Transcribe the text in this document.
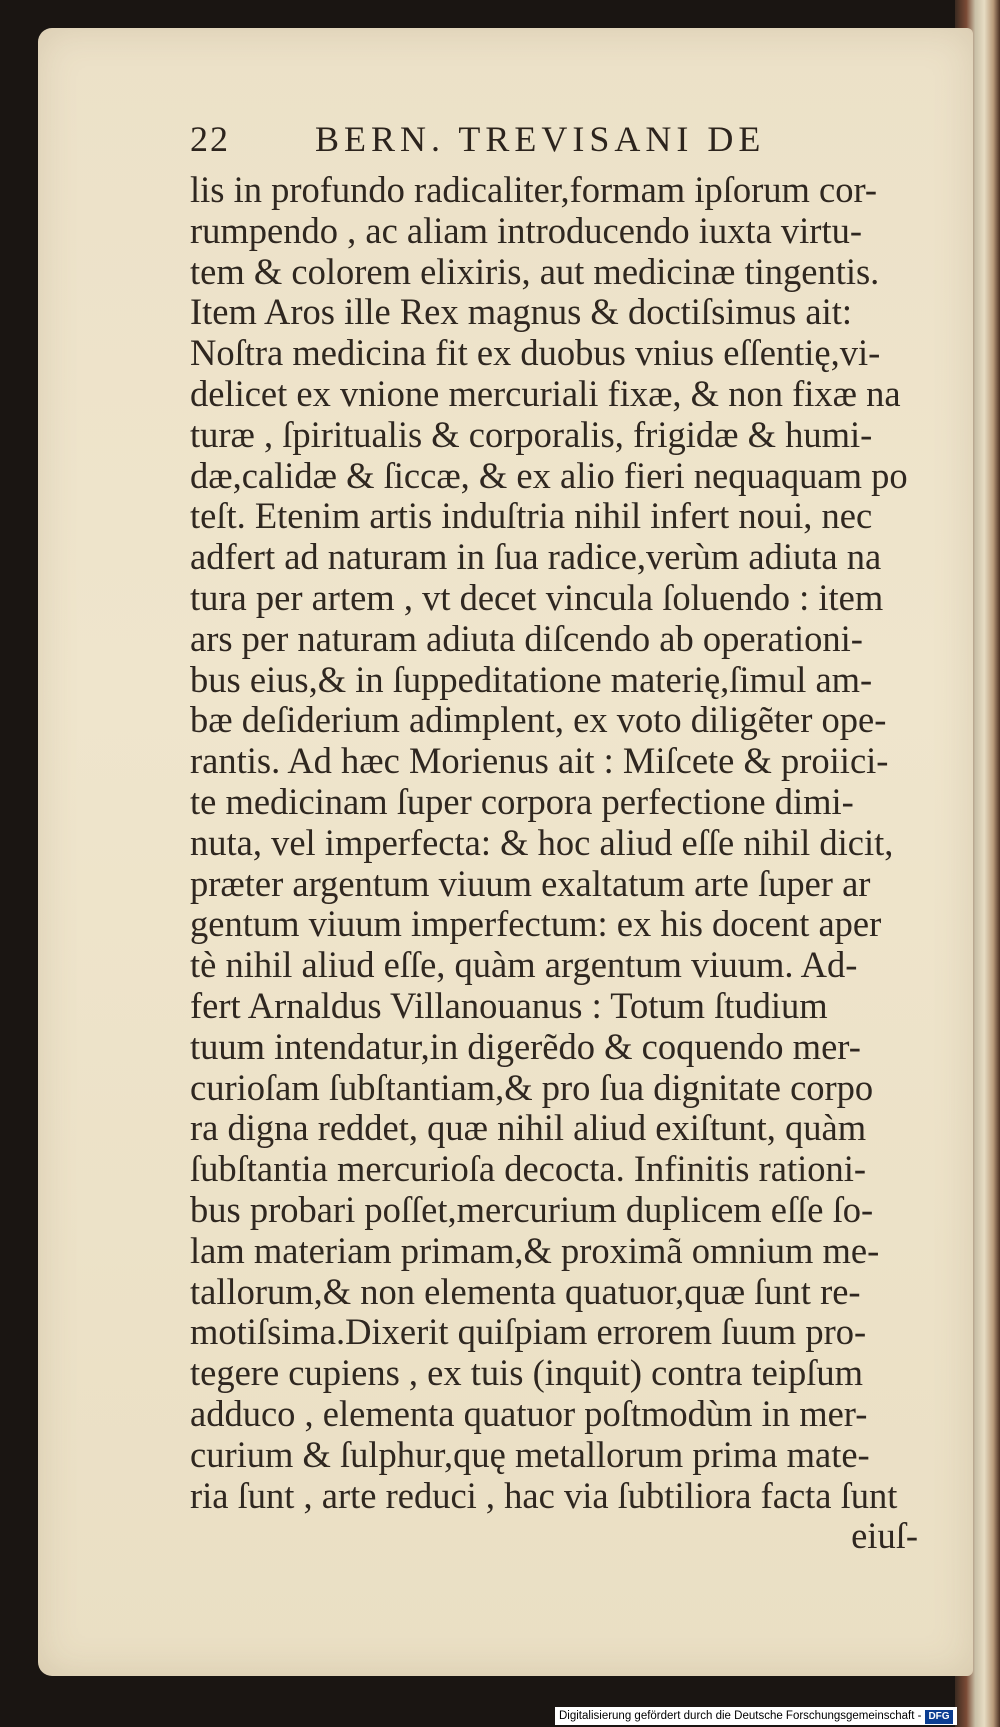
22 BERN. TREVISANI DE
lis in profundo radicaliter,formam ipſorum cor-
rumpendo , ac aliam introducendo iuxta virtu-
tem & colorem elixiris, aut medicinæ tingentis.
Item Aros ille Rex magnus & doctiſsimus ait:
Noſtra medicina fit ex duobus vnius eſſentię,vi-
delicet ex vnione mercuriali fixæ, & non fixæ na
turæ , ſpiritualis & corporalis, frigidæ & humi-
dæ,calidæ & ſiccæ, & ex alio fieri nequaquam po
teſt. Etenim artis induſtria nihil infert noui, nec
adfert ad naturam in ſua radice,verùm adiuta na
tura per artem , vt decet vincula ſoluendo : item
ars per naturam adiuta diſcendo ab operationi-
bus eius,& in ſuppeditatione materię,ſimul am-
bæ deſiderium adimplent, ex voto diligẽter ope-
rantis. Ad hæc Morienus ait : Miſcete & proiici-
te medicinam ſuper corpora perfectione dimi-
nuta, vel imperfecta: & hoc aliud eſſe nihil dicit,
præter argentum viuum exaltatum arte ſuper ar
gentum viuum imperfectum: ex his docent aper
tè nihil aliud eſſe, quàm argentum viuum. Ad-
fert Arnaldus Villanouanus : Totum ſtudium
tuum intendatur,in digerẽdo & coquendo mer-
curioſam ſubſtantiam,& pro ſua dignitate corpo
ra digna reddet, quæ nihil aliud exiſtunt, quàm
ſubſtantia mercurioſa decocta. Infinitis rationi-
bus probari poſſet,mercurium duplicem eſſe ſo-
lam materiam primam,& proximã omnium me-
tallorum,& non elementa quatuor,quæ ſunt re-
motiſsima.Dixerit quiſpiam errorem ſuum pro-
tegere cupiens , ex tuis (inquit) contra teipſum
adduco , elementa quatuor poſtmodùm in mer-
curium & ſulphur,quę metallorum prima mate-
ria ſunt , arte reduci , hac via ſubtiliora facta ſunt
eiuſ-
Digitalisierung gefördert durch die Deutsche Forschungsgemeinschaft - DFG
